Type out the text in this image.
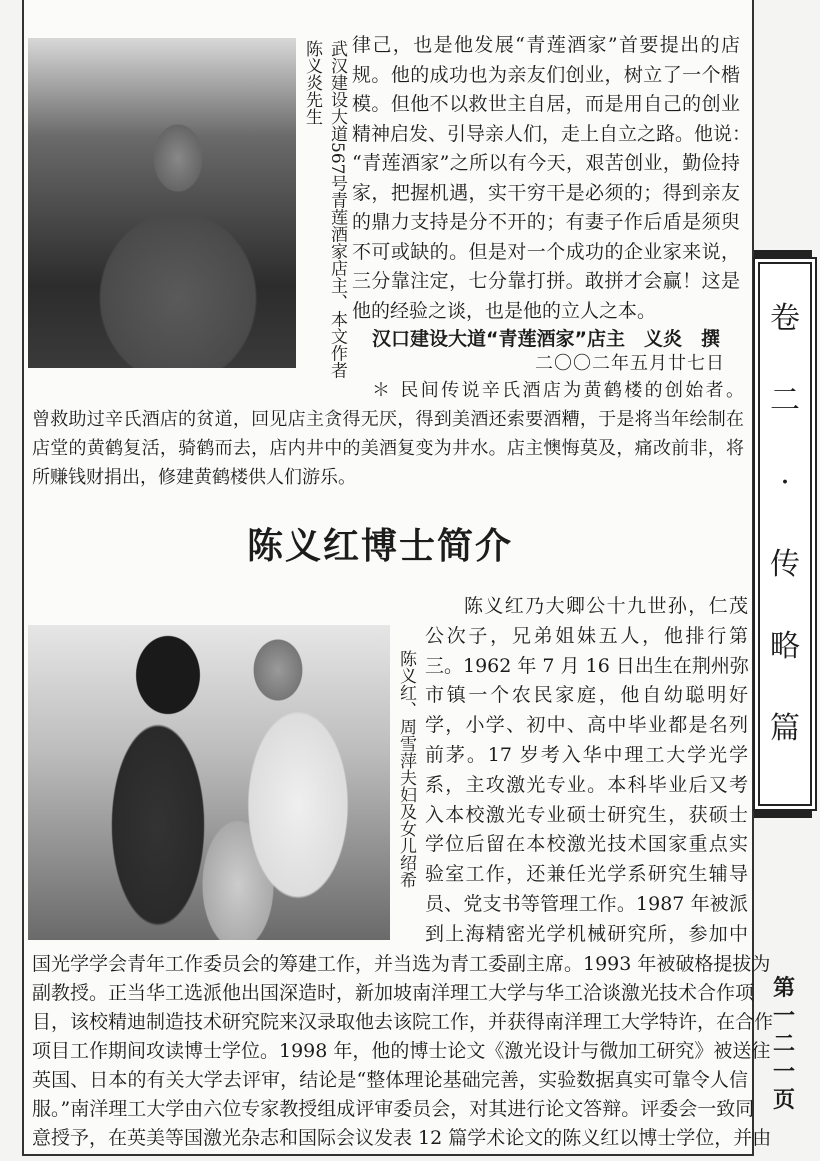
陈义炎先生 武汉建设大道567号青莲酒家店主、本文作者 律己，也是他发展“青莲酒家”首要提出的店
规。他的成功也为亲友们创业，树立了一个楷
模。但他不以救世主自居，而是用自己的创业
精神启发、引导亲人们，走上自立之路。他说：
“青莲酒家”之所以有今天，艰苦创业，勤俭持
家，把握机遇，实干穷干是必须的；得到亲友
的鼎力支持是分不开的；有妻子作后盾是须臾
不可或缺的。但是对一个成功的企业家来说，
三分靠注定，七分靠打拼。敢拼才会赢！这是
他的经验之谈，也是他的立人之本。
汉口建设大道“青莲酒家”店主　义炎　撰
二〇〇二年五月廿七日
＊ 民间传说辛氏酒店为黄鹤楼的创始者。
曾救助过辛氏酒店的贫道，回见店主贪得无厌，得到美酒还索要酒糟，于是将当年绘制在
店堂的黄鹤复活，骑鹤而去，店内井中的美酒复变为井水。店主懊悔莫及，痛改前非，将
所赚钱财捐出，修建黄鹤楼供人们游乐。
陈义红博士简介
陈义红、周雪萍夫妇及女儿绍希
陈义红乃大卿公十九世孙，仁茂
公次子，兄弟姐妹五人，他排行第
三。1962 年 7 月 16 日出生在荆州弥
市镇一个农民家庭，他自幼聪明好
学，小学、初中、高中毕业都是名列
前茅。17 岁考入华中理工大学光学
系，主攻激光专业。本科毕业后又考
入本校激光专业硕士研究生，获硕士
学位后留在本校激光技术国家重点实
验室工作，还兼任光学系研究生辅导
员、党支书等管理工作。1987 年被派
到上海精密光学机械研究所，参加中
国光学学会青年工作委员会的筹建工作，并当选为青工委副主席。1993 年被破格提拔为
副教授。正当华工选派他出国深造时，新加坡南洋理工大学与华工洽谈激光技术合作项
目，该校精迪制造技术研究院来汉录取他去该院工作，并获得南洋理工大学特许，在合作
项目工作期间攻读博士学位。1998 年，他的博士论文《激光设计与微加工研究》被送往
英国、日本的有关大学去评审，结论是“整体理论基础完善，实验数据真实可靠令人信
服。”南洋理工大学由六位专家教授组成评审委员会，对其进行论文答辩。评委会一致同
意授予，在英美等国激光杂志和国际会议发表 12 篇学术论文的陈义红以博士学位，并由
卷
二
·
传
略
篇
第
一
二
一
页
